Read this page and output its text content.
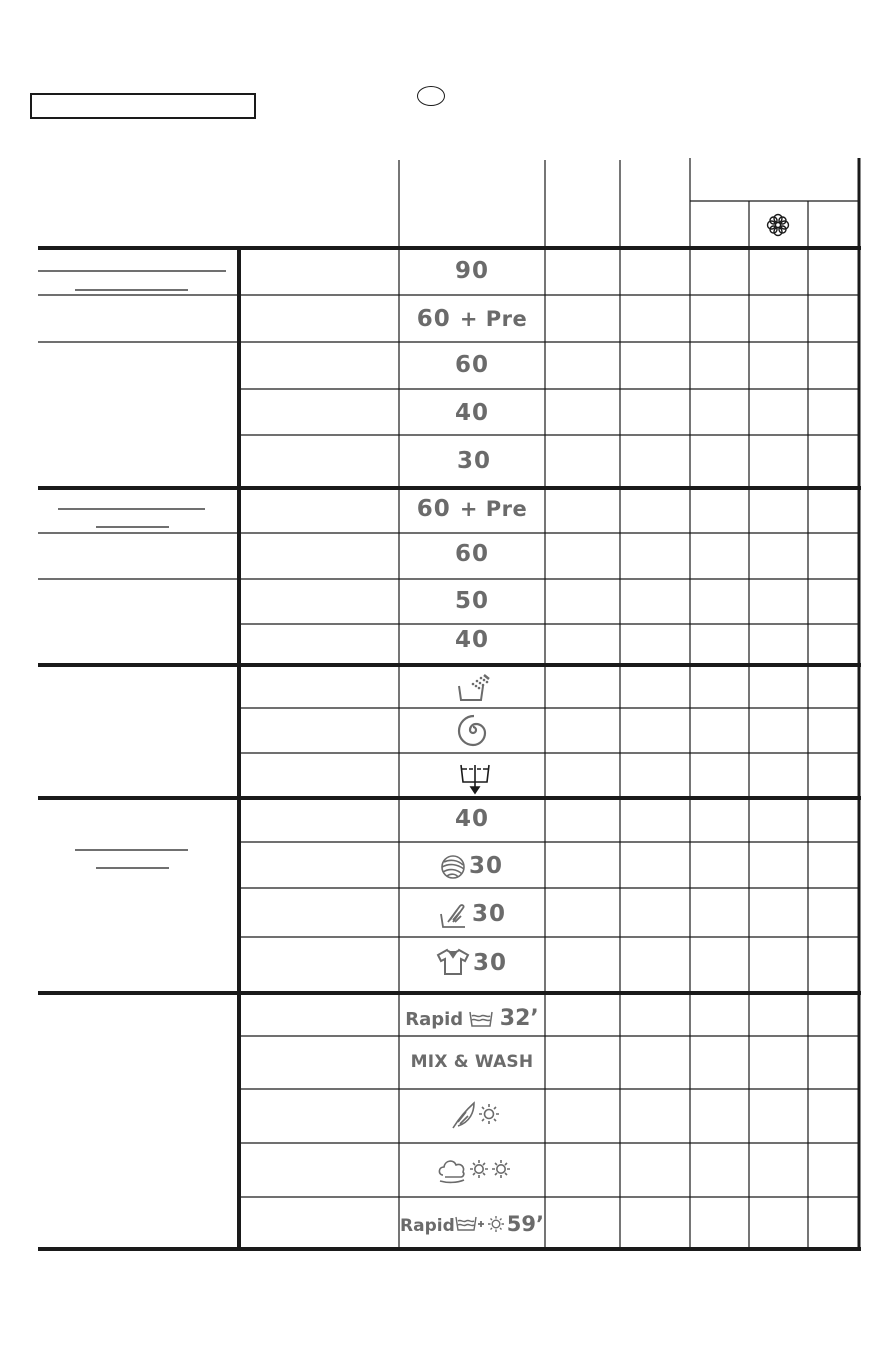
90
60 + Pre
60
40
30
60 + Pre
60
50
40
40
30
30
30
Rapid 32’
MIX & WASH
Rapid 59’
